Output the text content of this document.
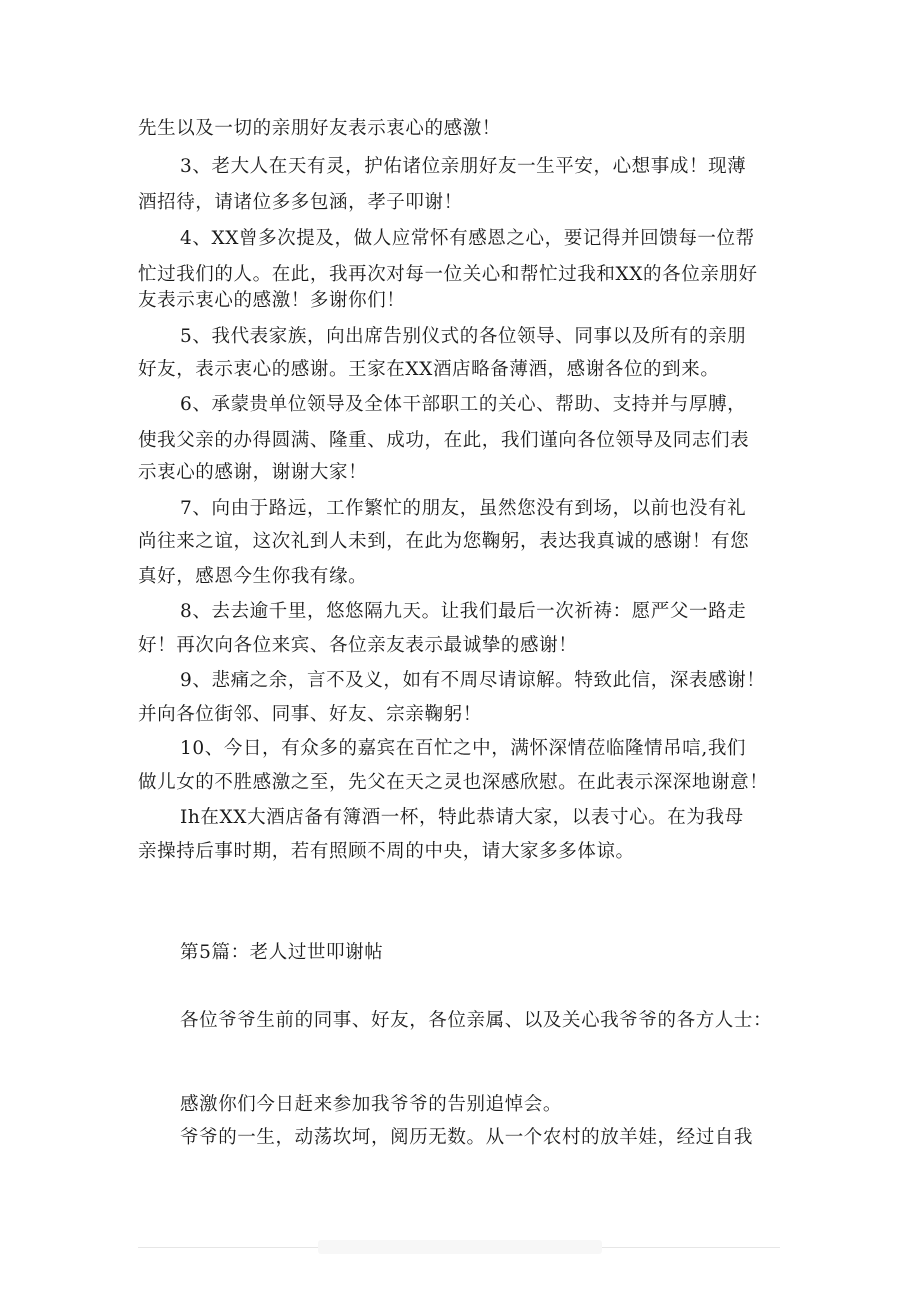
先生以及一切的亲朋好友表示衷心的感激！
3、老大人在天有灵，护佑诸位亲朋好友一生平安，心想事成！现薄
酒招待，请诸位多多包涵，孝子叩谢！
4、XX曾多次提及，做人应常怀有感恩之心，要记得并回馈每一位帮
忙过我们的人。在此，我再次对每一位关心和帮忙过我和XX的各位亲朋好
友表示衷心的感激！多谢你们！
5、我代表家族，向出席告别仪式的各位领导、同事以及所有的亲朋
好友，表示衷心的感谢。王家在XX酒店略备薄酒，感谢各位的到来。
6、承蒙贵单位领导及全体干部职工的关心、帮助、支持并与厚膊，
使我父亲的办得圆满、隆重、成功，在此，我们谨向各位领导及同志们表
示衷心的感谢，谢谢大家！
7、向由于路远，工作繁忙的朋友，虽然您没有到场，以前也没有礼
尚往来之谊，这次礼到人未到，在此为您鞠躬，表达我真诚的感谢！有您
真好，感恩今生你我有缘。
8、去去逾千里，悠悠隔九天。让我们最后一次祈祷：愿严父一路走
好！再次向各位来宾、各位亲友表示最诚挚的感谢！
9、悲痛之余，言不及义，如有不周尽请谅解。特致此信，深表感谢！
并向各位街邻、同事、好友、宗亲鞠躬！
10、今日，有众多的嘉宾在百忙之中，满怀深情莅临隆情吊唁,我们
做儿女的不胜感激之至，先父在天之灵也深感欣慰。在此表示深深地谢意！
Ih在XX大酒店备有簿酒一杯，特此恭请大家，以表寸心。在为我母
亲操持后事时期，若有照顾不周的中央，请大家多多体谅。
第5篇：老人过世叩谢帖
各位爷爷生前的同事、好友，各位亲属、以及关心我爷爷的各方人士：
感激你们今日赶来参加我爷爷的告别追悼会。
爷爷的一生，动荡坎坷，阅历无数。从一个农村的放羊娃，经过自我
